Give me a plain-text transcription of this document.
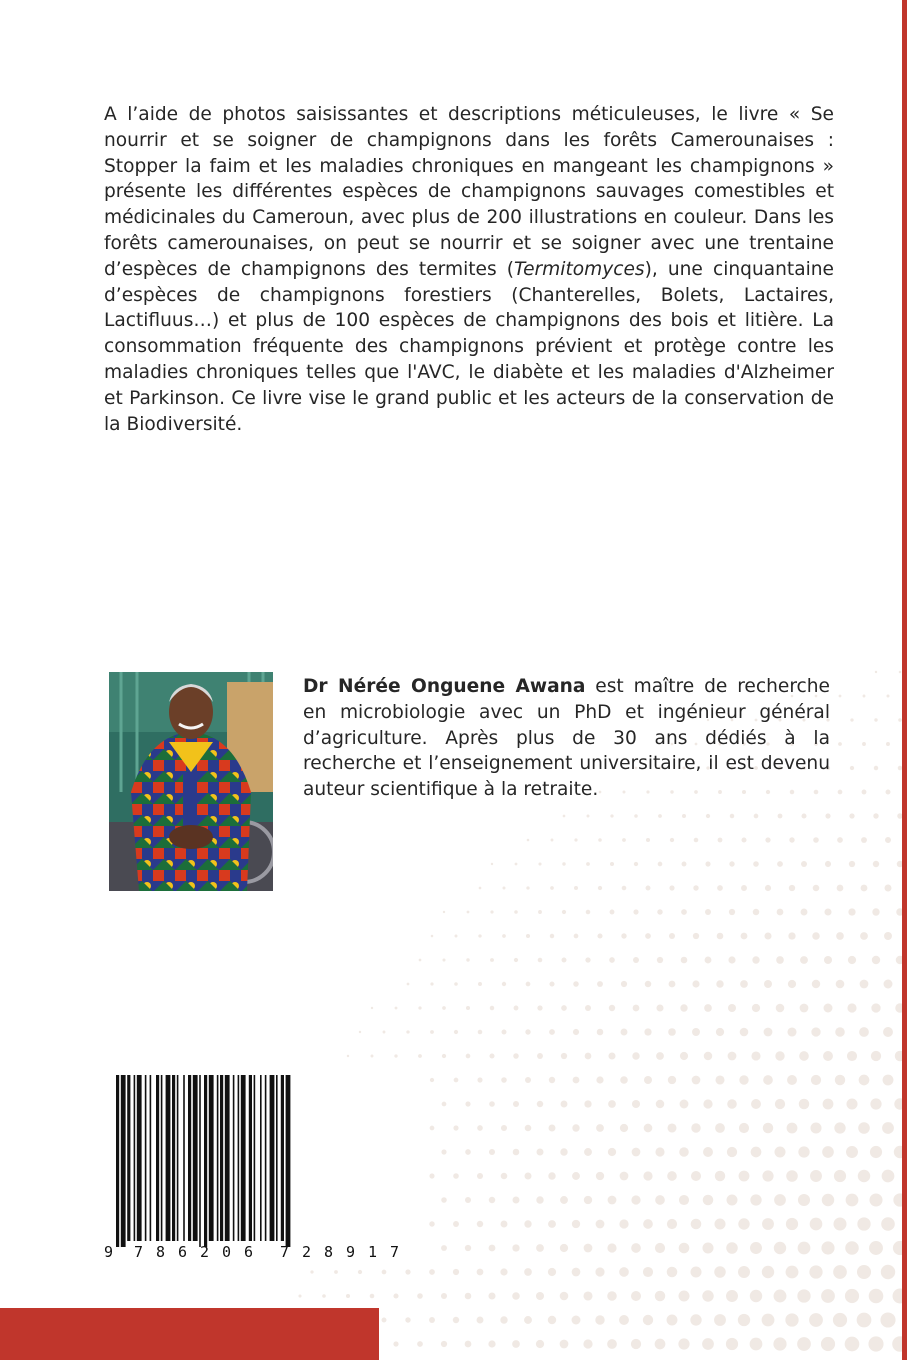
A l’aide de photos saisissantes et descriptions méticuleuses, le livre « Se nourrir et se soigner de champignons dans les forêts Camerounaises : Stopper la faim et les maladies chroniques en mangeant les champignons » présente les différentes espèces de champignons sauvages comestibles et médicinales du Cameroun, avec plus de 200 illustrations en couleur. Dans les forêts camerounaises, on peut se nourrir et se soigner avec une trentaine d’espèces de champignons des termites (Termitomyces), une cinquantaine d’espèces de champignons forestiers (Chanterelles, Bolets, Lactaires, Lactifluus…) et plus de 100 espèces de champignons des bois et litière. La consommation fréquente des champignons prévient et protège contre les maladies chroniques telles que l'AVC, le diabète et les maladies d'Alzheimer et Parkinson. Ce livre vise le grand public et les acteurs de la conservation de la Biodiversité.

Dr Nérée Onguene Awana est maître de recherche en microbiologie avec un PhD et ingénieur général d’agriculture. Après plus de 30 ans dédiés à la recherche et l’enseignement universitaire, il est devenu auteur scientifique à la retraite.

9 7 8 6 2 0 6 7 2 8 9 1 7
